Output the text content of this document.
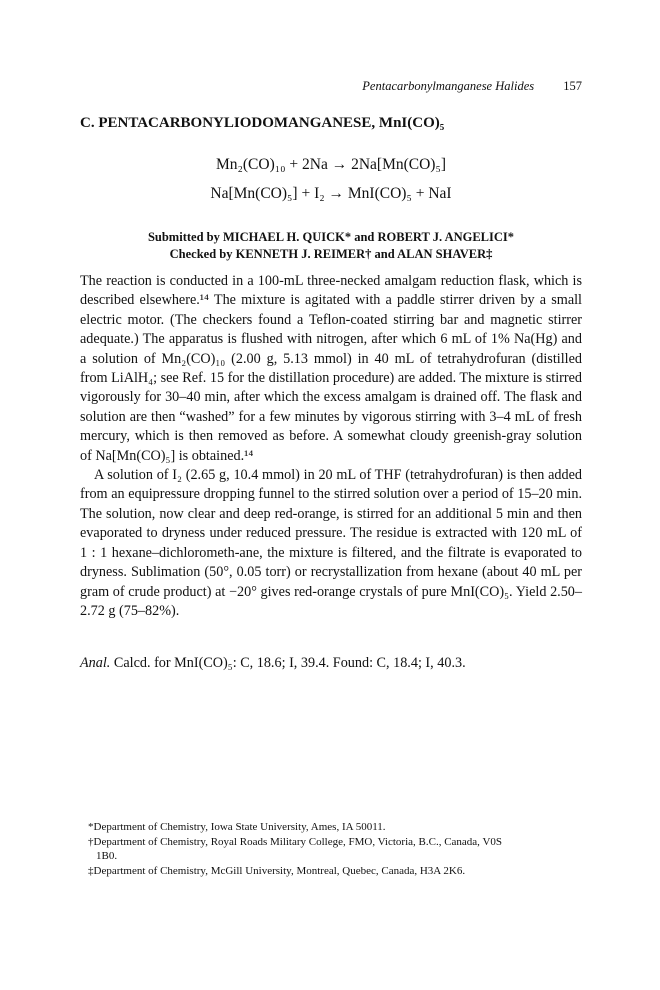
Pentacarbonylmanganese Halides 157
C. PENTACARBONYLIODOMANGANESE, MnI(CO)₅
Mn₂(CO)₁₀ + 2Na → 2Na[Mn(CO)₅]
Na[Mn(CO)₅] + I₂ → MnI(CO)₅ + NaI
Submitted by MICHAEL H. QUICK* and ROBERT J. ANGELICI*
Checked by KENNETH J. REIMER† and ALAN SHAVER‡

The reaction is conducted in a 100-mL three-necked amalgam reduction flask, which is described elsewhere.¹⁴ The mixture is agitated with a paddle stirrer driven by a small electric motor. (The checkers found a Teflon-coated stirring bar and magnetic stirrer adequate.) The apparatus is flushed with nitrogen, after which 6 mL of 1% Na(Hg) and a solution of Mn₂(CO)₁₀ (2.00 g, 5.13 mmol) in 40 mL of tetrahydrofuran (distilled from LiAlH₄; see Ref. 15 for the distillation procedure) are added. The mixture is stirred vigorously for 30–40 min, after which the excess amalgam is drained off. The flask and solution are then “washed” for a few minutes by vigorous stirring with 3–4 mL of fresh mercury, which is then removed as before. A somewhat cloudy greenish-gray solution of Na[Mn(CO)₅] is obtained.¹⁴

A solution of I₂ (2.65 g, 10.4 mmol) in 20 mL of THF (tetrahydrofuran) is then added from an equipressure dropping funnel to the stirred solution over a period of 15–20 min. The solution, now clear and deep red-orange, is stirred for an additional 5 min and then evaporated to dryness under reduced pressure. The residue is extracted with 120 mL of 1 : 1 hexane–dichlorometh-ane, the mixture is filtered, and the filtrate is evaporated to dryness. Sublimation (50°, 0.05 torr) or recrystallization from hexane (about 40 mL per gram of crude product) at −20° gives red-orange crystals of pure MnI(CO)₅. Yield 2.50–2.72 g (75–82%).

Anal. Calcd. for MnI(CO)₅: C, 18.6; I, 39.4. Found: C, 18.4; I, 40.3.
*Department of Chemistry, Iowa State University, Ames, IA 50011.
†Department of Chemistry, Royal Roads Military College, FMO, Victoria, B.C., Canada, V0S
1B0.
‡Department of Chemistry, McGill University, Montreal, Quebec, Canada, H3A 2K6.
